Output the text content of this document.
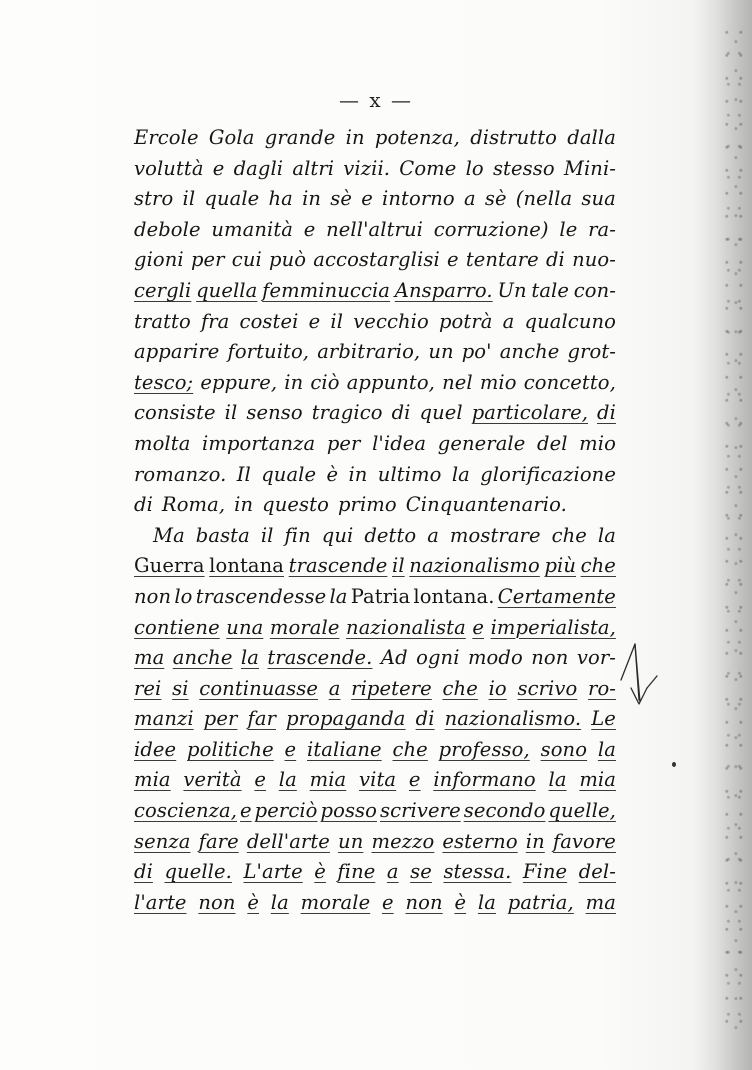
— x —
Ercole Gola grande in potenza, distrutto dalla
voluttà e dagli altri vizii. Come lo stesso Mini-
stro il quale ha in sè e intorno a sè (nella sua
debole umanità e nell'altrui corruzione) le ra-
gioni per cui può accostarglisi e tentare di nuo-
cergli quella femminuccia Ansparro. Un tale con-
tratto fra costei e il vecchio potrà a qualcuno
apparire fortuito, arbitrario, un po' anche grot-
tesco; eppure, in ciò appunto, nel mio concetto,
consiste il senso tragico di quel particolare, di
molta importanza per l'idea generale del mio
romanzo. Il quale è in ultimo la glorificazione
di Roma, in questo primo Cinquantenario.
Ma basta il fin qui detto a mostrare che la
Guerra lontana trascende il nazionalismo più che
non lo trascendesse la Patria lontana. Certamente
contiene una morale nazionalista e imperialista,
ma anche la trascende. Ad ogni modo non vor-
rei si continuasse a ripetere che io scrivo ro-
manzi per far propaganda di nazionalismo. Le
idee politiche e italiane che professo, sono la
mia verità e la mia vita e informano la mia
coscienza, e perciò posso scrivere secondo quelle,
senza fare dell'arte un mezzo esterno in favore
di quelle. L'arte è fine a se stessa. Fine del-
l'arte non è la morale e non è la patria, ma
